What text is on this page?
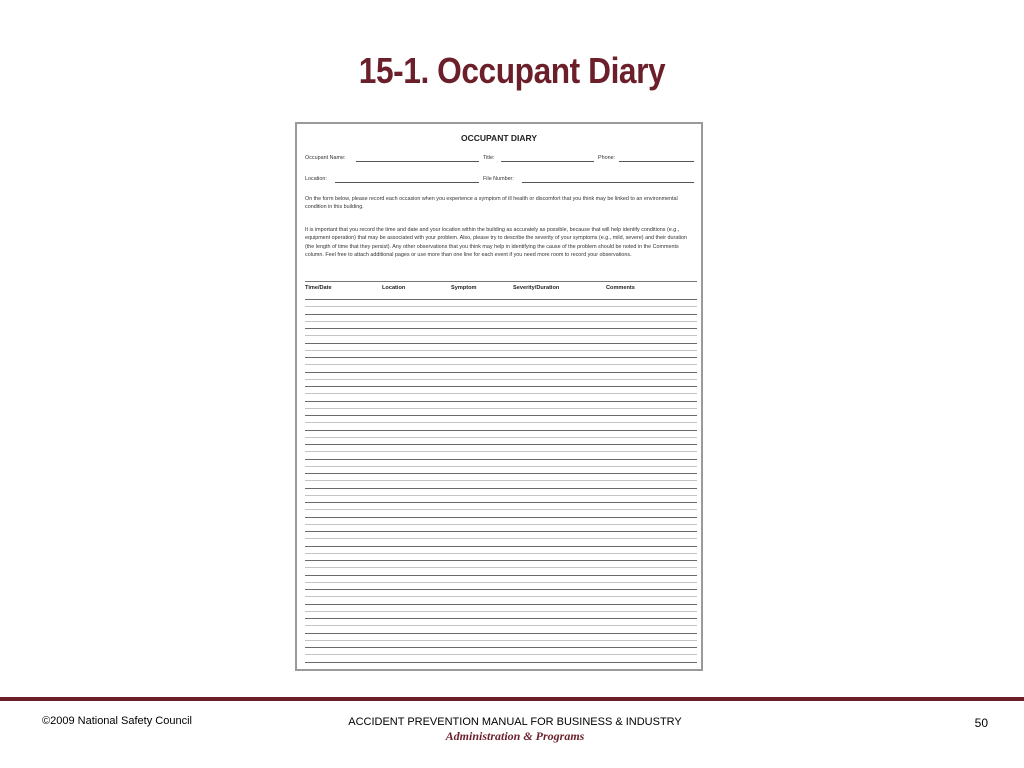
15-1. Occupant Diary
OCCUPANT DIARY
Occupant Name:	Title:	Phone:
Location:	File Number:

On the form below, please record each occasion when you experience a symptom of ill health or discomfort that you think may be linked to an environmental condition in this building.

It is important that you record the time and date and your location within the building as accurately as possible, because that will help identify conditions (e.g., equipment operation) that may be associated with your problem. Also, please try to describe the severity of your symptoms (e.g., mild, severe) and their duration (the length of time that they persist). Any other observations that you think may help in identifying the cause of the problem should be noted in the Comments column. Feel free to attach additional pages or use more than one line for each event if you need more room to record your observations.

Time/Date	Location	Symptom	Severity/Duration	Comments
©2009 National Safety Council	ACCIDENT PREVENTION MANUAL FOR BUSINESS & INDUSTRY
Administration & Programs
50
